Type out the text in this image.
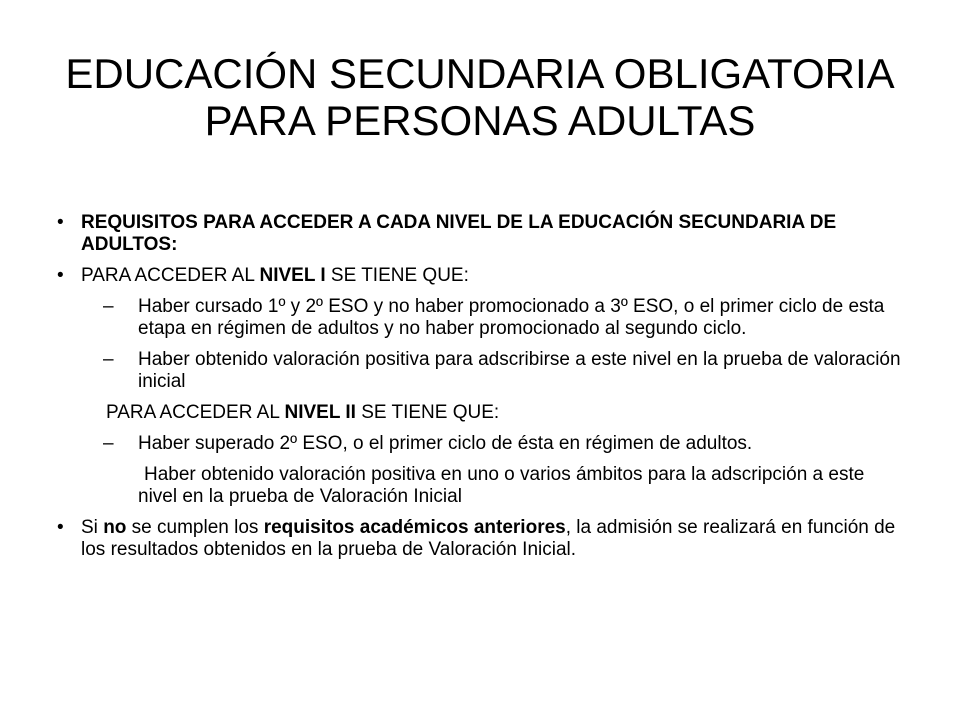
EDUCACIÓN SECUNDARIA OBLIGATORIA PARA PERSONAS ADULTAS

• REQUISITOS PARA ACCEDER A CADA NIVEL DE LA EDUCACIÓN SECUNDARIA DE ADULTOS:

• PARA ACCEDER AL NIVEL I SE TIENE QUE:

– Haber cursado 1º y 2º ESO y no haber promocionado a 3º ESO, o el primer ciclo de esta etapa en régimen de adultos y no haber promocionado al segundo ciclo.

– Haber obtenido valoración positiva para adscribirse a este nivel en la prueba de valoración inicial

PARA ACCEDER AL NIVEL II SE TIENE QUE:

– Haber superado 2º ESO, o el primer ciclo de ésta en régimen de adultos.

Haber obtenido valoración positiva en uno o varios ámbitos para la adscripción a este nivel en la prueba de Valoración Inicial

• Si no se cumplen los requisitos académicos anteriores, la admisión se realizará en función de los resultados obtenidos en la prueba de Valoración Inicial.
